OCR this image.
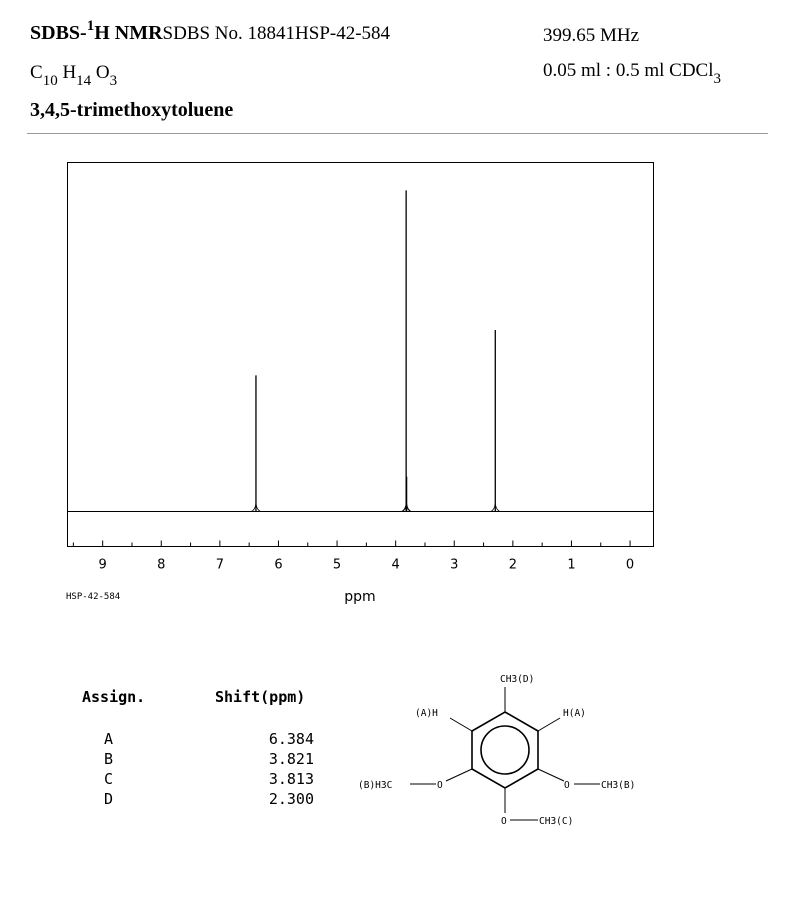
SDBS-$^1$H NMRSDBS No. 18841HSP-42-584
$C_{10}$ $H_{14}$ $O_3$
3,4,5-trimethoxytoluene
399.65 MHz
0.05 ml : 0.5 ml CDCl$_3$
9	8	7	6	5	4	3	2	1	0
ppm
HSP-42-584
Assign.	Shift(ppm)
A	6.384
B	3.821
C	3.813
D	2.300
CH3(D)
(A)H	H(A)
(B)H3C	O	O	CH3(B)
O	CH3(C)
